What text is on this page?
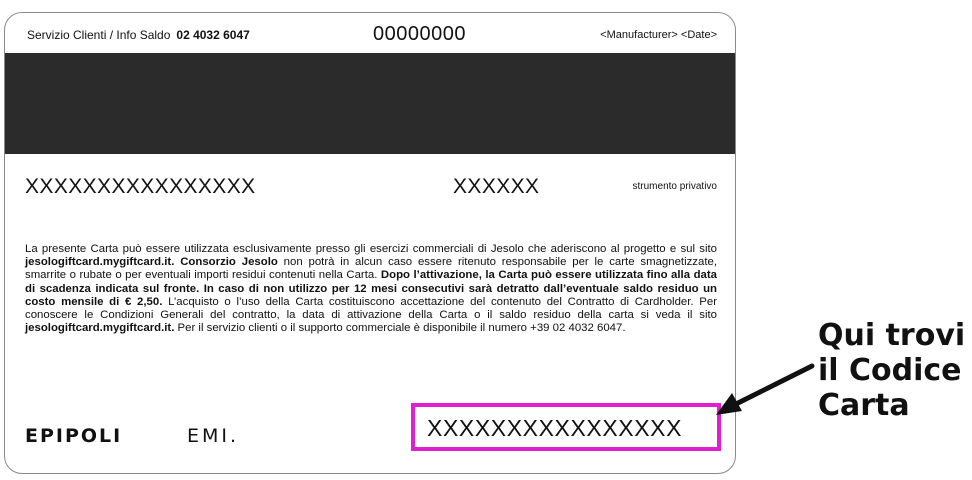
Servizio Clienti / Info Saldo 02 4032 6047	00000000	<Manufacturer> <Date>
XXXXXXXXXXXXXXXX	XXXXXX	strumento privativo
La presente Carta può essere utilizzata esclusivamente presso gli esercizi commerciali di Jesolo che aderiscono al progetto e sul sito jesologiftcard.mygiftcard.it. Consorzio Jesolo non potrà in alcun caso essere ritenuto responsabile per le carte smagnetizzate, smarrite o rubate o per eventuali importi residui contenuti nella Carta. Dopo l’attivazione, la Carta può essere utilizzata fino alla data di scadenza indicata sul fronte. In caso di non utilizzo per 12 mesi consecutivi sarà detratto dall’eventuale saldo residuo un costo mensile di € 2,50. L’acquisto o l’uso della Carta costituiscono accettazione del contenuto del Contratto di Cardholder. Per conoscere le Condizioni Generali del contratto, la data di attivazione della Carta o il saldo residuo della carta si veda il sito jesologiftcard.mygiftcard.it. Per il servizio clienti o il supporto commerciale è disponibile il numero +39 02 4032 6047.
EPIPOLI	EMI.	XXXXXXXXXXXXXXXX
Qui trovi
il Codice
Carta
